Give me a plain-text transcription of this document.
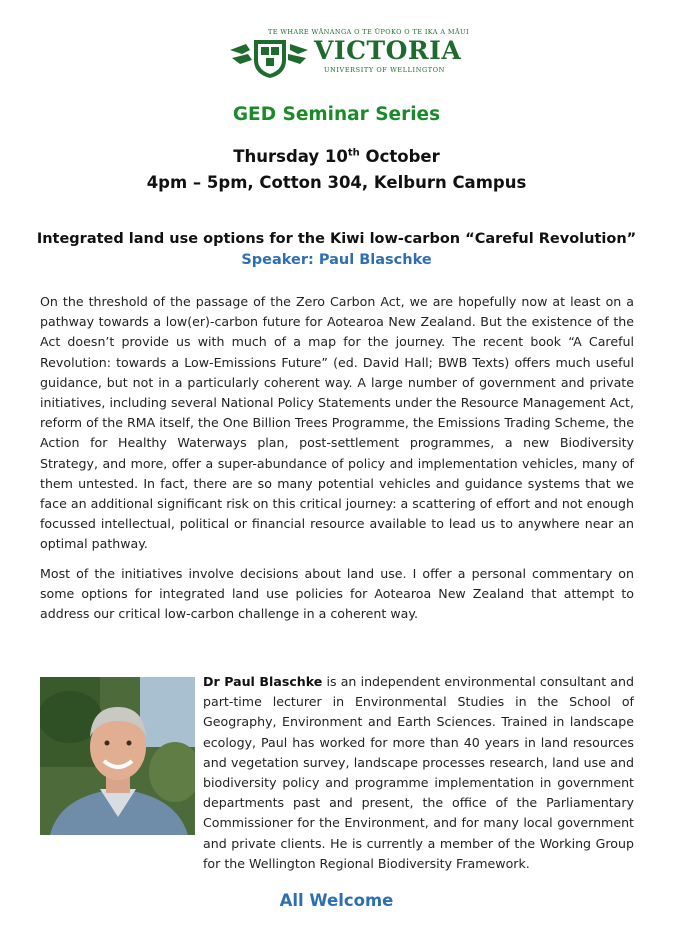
TE WHARE WĀNANGA O TE ŪPOKO O TE IKA A MĀUI
VICTORIA
UNIVERSITY OF WELLINGTON
GED Seminar Series
Thursday 10th October
4pm – 5pm, Cotton 304, Kelburn Campus
Integrated land use options for the Kiwi low-carbon “Careful Revolution”
Speaker: Paul Blaschke
On the threshold of the passage of the Zero Carbon Act, we are hopefully now at least on a pathway towards a low(er)-carbon future for Aotearoa New Zealand. But the existence of the Act doesn’t provide us with much of a map for the journey. The recent book “A Careful Revolution: towards a Low-Emissions Future” (ed. David Hall; BWB Texts) offers much useful guidance, but not in a particularly coherent way. A large number of government and private initiatives, including several National Policy Statements under the Resource Management Act, reform of the RMA itself, the One Billion Trees Programme, the Emissions Trading Scheme, the Action for Healthy Waterways plan, post-settlement programmes, a new Biodiversity Strategy, and more, offer a super-abundance of policy and implementation vehicles, many of them untested. In fact, there are so many potential vehicles and guidance systems that we face an additional significant risk on this critical journey: a scattering of effort and not enough focussed intellectual, political or financial resource available to lead us to anywhere near an optimal pathway.
Most of the initiatives involve decisions about land use. I offer a personal commentary on some options for integrated land use policies for Aotearoa New Zealand that attempt to address our critical low-carbon challenge in a coherent way.
Dr Paul Blaschke is an independent environmental consultant and part-time lecturer in Environmental Studies in the School of Geography, Environment and Earth Sciences. Trained in landscape ecology, Paul has worked for more than 40 years in land resources and vegetation survey, landscape processes research, land use and biodiversity policy and programme implementation in government departments past and present, the office of the Parliamentary Commissioner for the Environment, and for many local government and private clients. He is currently a member of the Working Group for the Wellington Regional Biodiversity Framework.
All Welcome
